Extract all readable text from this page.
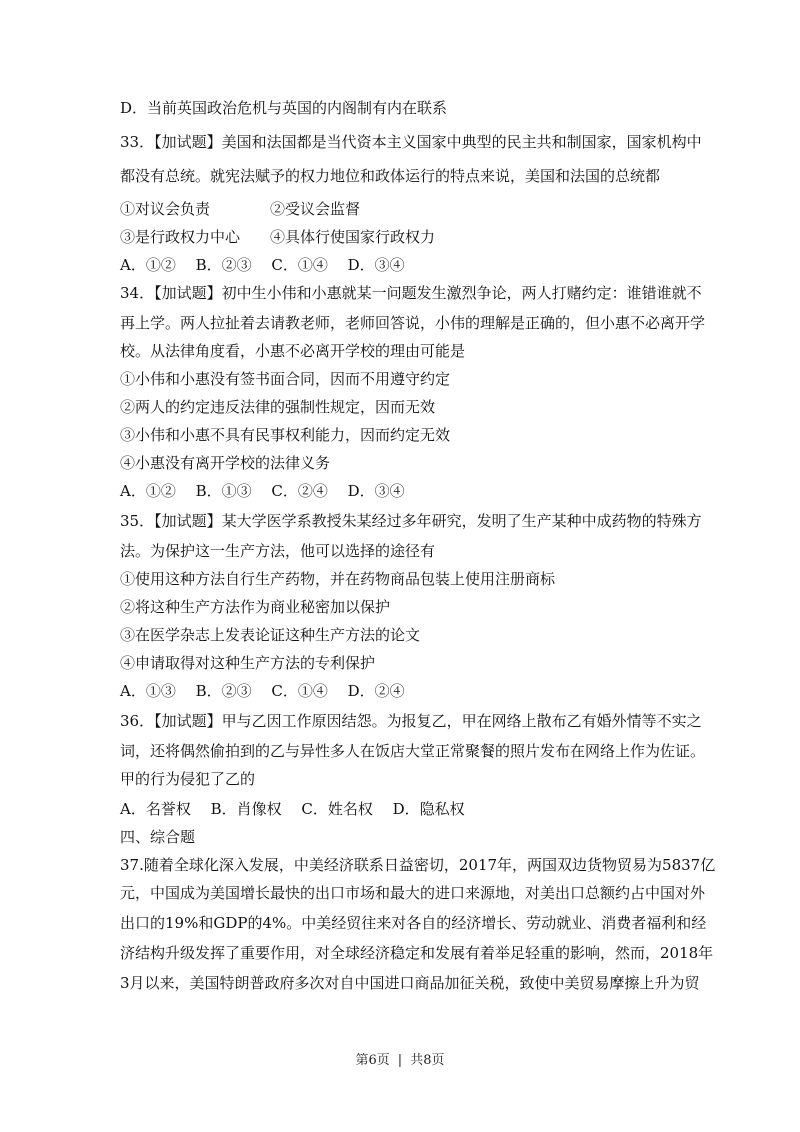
D．当前英国政治危机与英国的内阁制有内在联系
33．【加试题】美国和法国都是当代资本主义国家中典型的民主共和制国家，国家机构中
都没有总统。就宪法赋予的权力地位和政体运行的特点来说，美国和法国的总统都
①对议会负责　　　　②受议会监督
③是行政权力中心　　④具体行使国家行政权力
A．①②　 B．②③　 C．①④　 D．③④
34．【加试题】初中生小伟和小惠就某一问题发生激烈争论，两人打赌约定：谁错谁就不
再上学。两人拉扯着去请教老师，老师回答说，小伟的理解是正确的，但小惠不必离开学
校。从法律角度看，小惠不必离开学校的理由可能是
①小伟和小惠没有签书面合同，因而不用遵守约定
②两人的约定违反法律的强制性规定，因而无效
③小伟和小惠不具有民事权利能力，因而约定无效
④小惠没有离开学校的法律义务
A．①②　 B．①③　 C．②④　 D．③④
35．【加试题】某大学医学系教授朱某经过多年研究，发明了生产某种中成药物的特殊方
法。为保护这一生产方法，他可以选择的途径有
①使用这种方法自行生产药物，并在药物商品包装上使用注册商标
②将这种生产方法作为商业秘密加以保护
③在医学杂志上发表论证这种生产方法的论文
④申请取得对这种生产方法的专利保护
A．①③　 B．②③　 C．①④　 D．②④
36．【加试题】甲与乙因工作原因结怨。为报复乙，甲在网络上散布乙有婚外情等不实之
词，还将偶然偷拍到的乙与异性多人在饭店大堂正常聚餐的照片发布在网络上作为佐证。
甲的行为侵犯了乙的
A．名誉权　 B．肖像权　 C．姓名权　 D．隐私权
四、综合题
37.随着全球化深入发展，中美经济联系日益密切，2017年，两国双边货物贸易为5837亿
元，中国成为美国增长最快的出口市场和最大的进口来源地，对美出口总额约占中国对外
出口的19%和GDP的4%。中美经贸往来对各自的经济增长、劳动就业、消费者福利和经
济结构升级发挥了重要作用，对全球经济稳定和发展有着举足轻重的影响，然而，2018年
3月以来，美国特朗普政府多次对自中国进口商品加征关税，致使中美贸易摩擦上升为贸
第6页 | 共8页
